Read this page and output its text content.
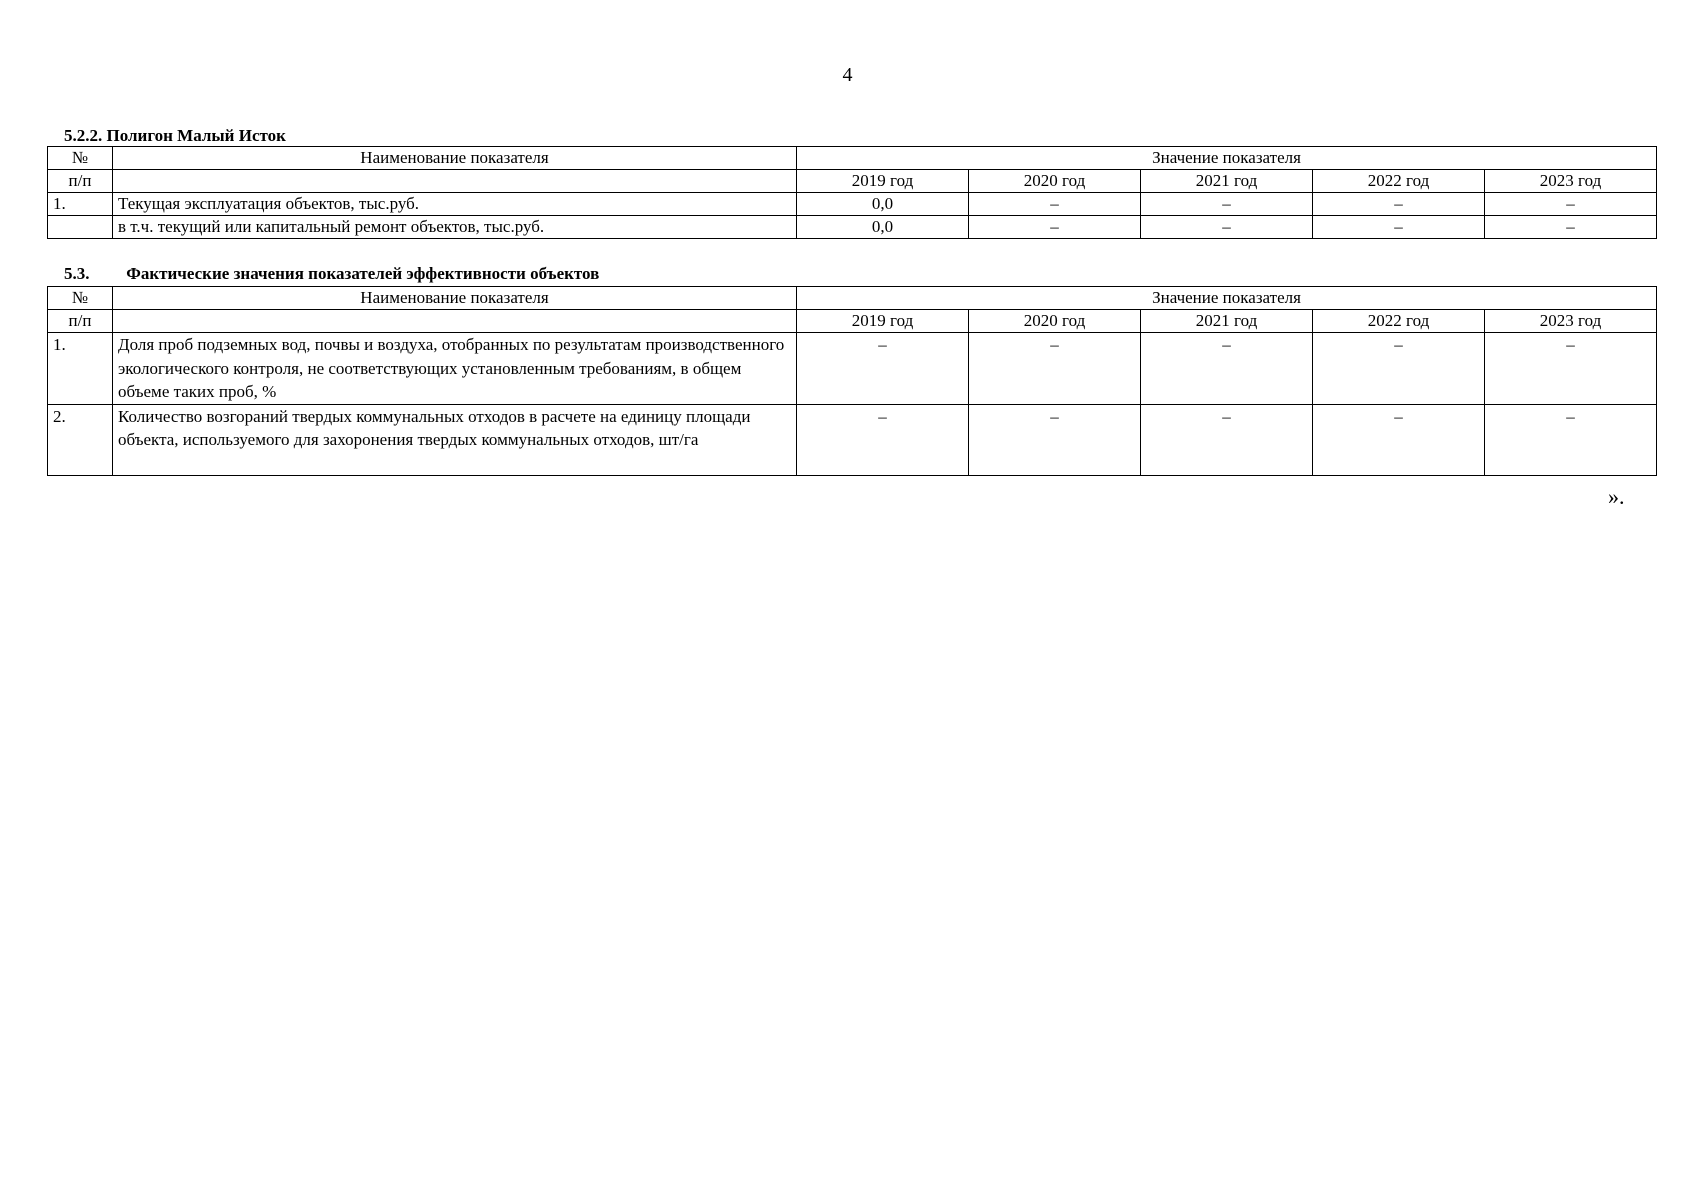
4
5.2.2. Полигон Малый Исток
№	Наименование показателя	Значение показателя				
п/п		2019 год	2020 год	2021 год	2022 год	2023 год
1.	Текущая эксплуатация объектов, тыс.руб.	0,0	–	–	–	–
	в т.ч. текущий или капитальный ремонт объектов, тыс.руб.	0,0	–	–	–	–
5.3. Фактические значения показателей эффективности объектов
№	Наименование показателя	Значение показателя				
п/п		2019 год	2020 год	2021 год	2022 год	2023 год
1.	Доля проб подземных вод, почвы и воздуха, отобранных по результатам производственного экологического контроля, не соответствующих установленным требованиям, в общем объеме таких проб, %	–	–	–	–	–
2.	Количество возгораний твердых коммунальных отходов в расчете на единицу площади объекта, используемого для захоронения твердых коммунальных отходов, шт/га	–	–	–	–	–
».
